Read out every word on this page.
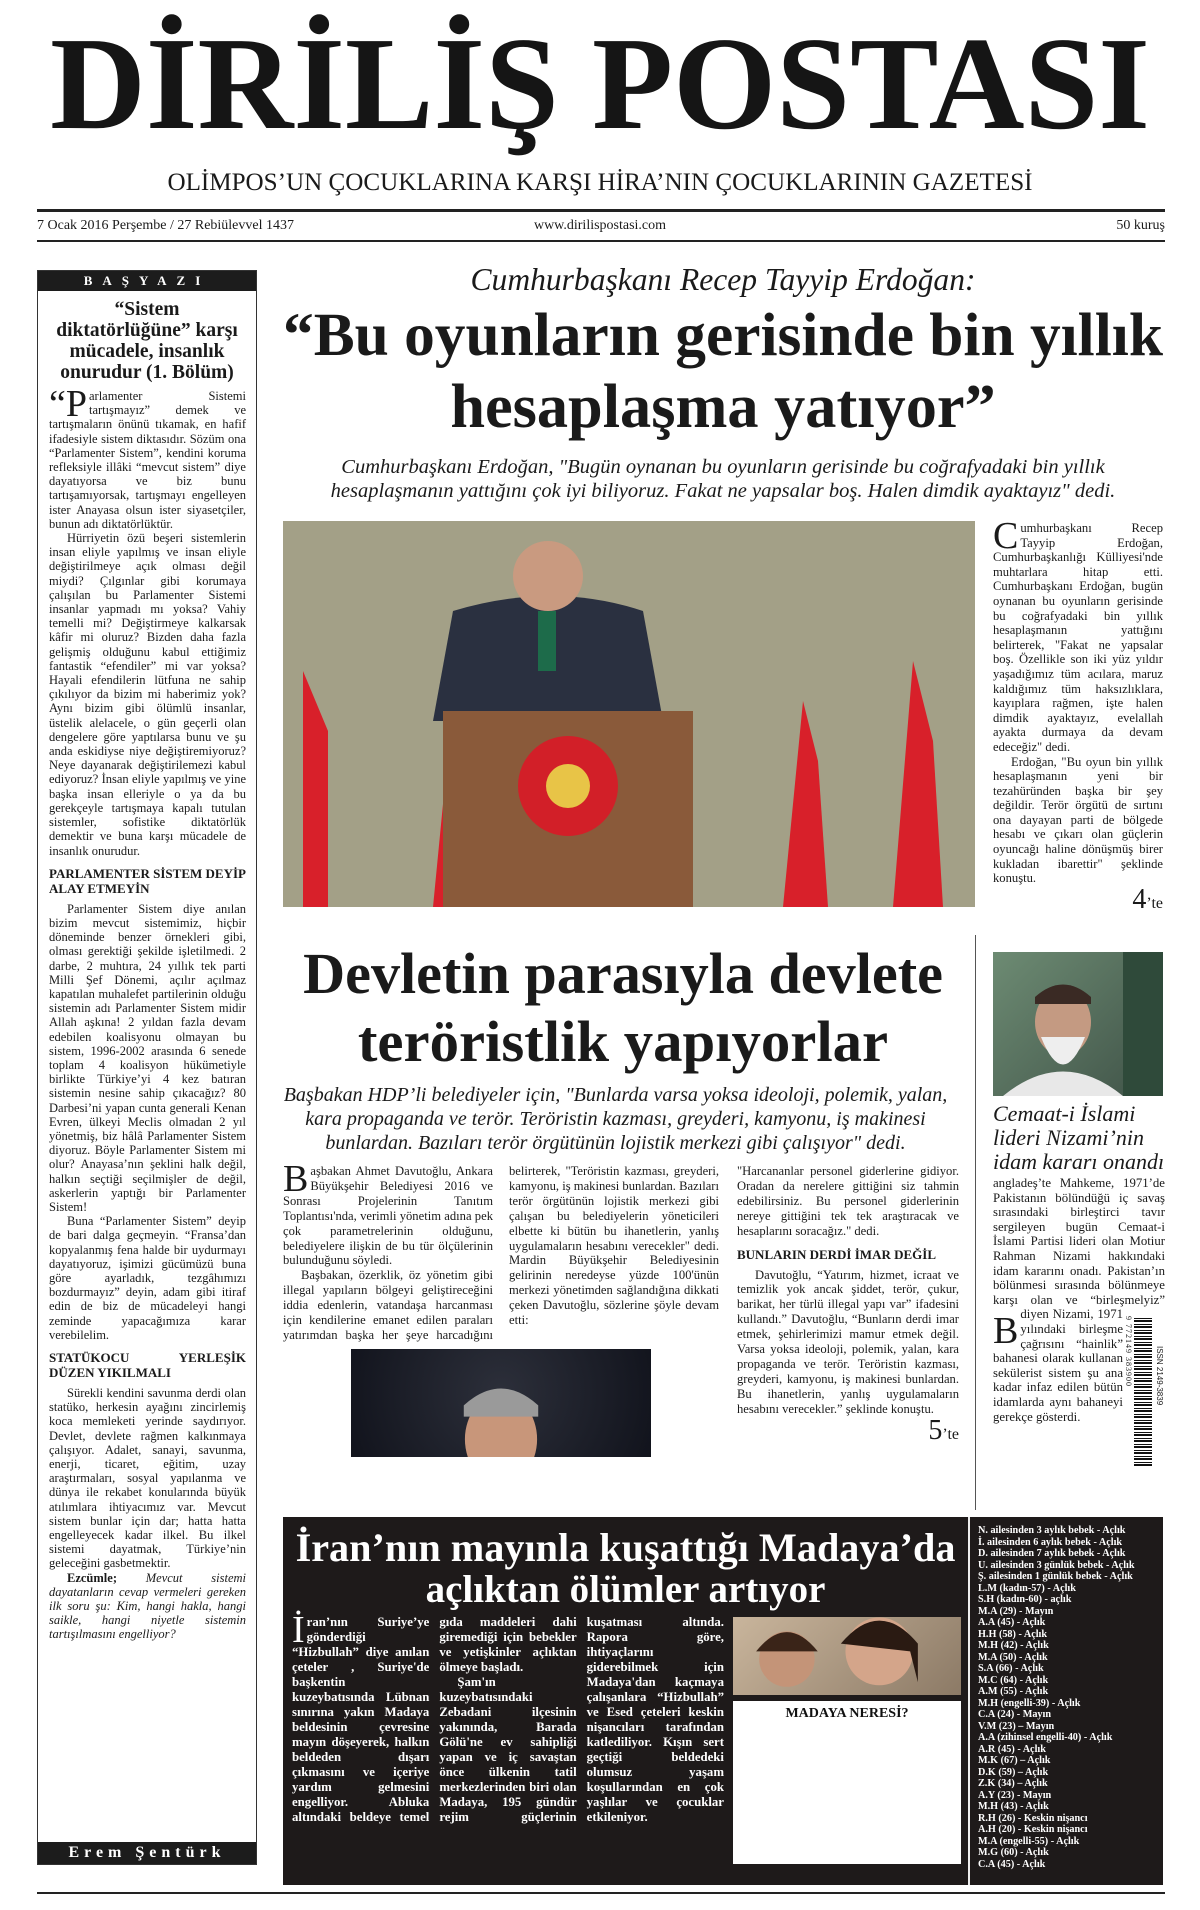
DİRİLİŞ POSTASI
OLİMPOS’UN ÇOCUKLARINA KARŞI HİRA’NIN ÇOCUKLARININ GAZETESİ
7 Ocak 2016 Perşembe / 27 Rebiülevvel 1437	www.dirilispostasi.com	50 kuruş
BAŞYAZI
“Sistem diktatörlüğüne” karşı mücadele, insanlık onurudur (1. Bölüm)

“Parlamenter Sistemi tartışmayız” demek ve tartışmaların önünü tıkamak, en hafif ifadesiyle sistem diktasıdır. Sözüm ona “Parlamenter Sistem”, kendini koruma refleksiyle illâki “mevcut sistem” diye dayatıyorsa ve biz bunu tartışamıyorsak, tartışmayı engelleyen ister Anayasa olsun ister siyasetçiler, bunun adı diktatörlüktür.

Hürriyetin özü beşeri sistemlerin insan eliyle yapılmış ve insan eliyle değiştirilmeye açık olması değil miydi? Çılgınlar gibi korumaya çalışılan bu Parlamenter Sistemi insanlar yapmadı mı yoksa? Vahiy temelli mi? Değiştirmeye kalkarsak kâfir mi oluruz? Bizden daha fazla gelişmiş olduğunu kabul ettiğimiz fantastik “efendiler” mi var yoksa? Hayali efendilerin lütfuna ne sahip çıkılıyor da bizim mi haberimiz yok? Aynı bizim gibi ölümlü insanlar, üstelik alelacele, o gün geçerli olan dengelere göre yaptılarsa bunu ve şu anda eskidiyse niye değiştiremiyoruz? Neye dayanarak değiştirilemezi kabul ediyoruz? İnsan eliyle yapılmış ve yine başka insan elleriyle o ya da bu gerekçeyle tartışmaya kapalı tutulan sistemler, sofistike diktatörlük demektir ve buna karşı mücadele de insanlık onurudur.

PARLAMENTER SİSTEM DEYİP ALAY ETMEYİN

Parlamenter Sistem diye anılan bizim mevcut sistemimiz, hiçbir döneminde benzer örnekleri gibi, olması gerektiği şekilde işletilmedi. 2 darbe, 2 muhtıra, 24 yıllık tek parti Milli Şef Dönemi, açılır açılmaz kapatılan muhalefet partilerinin olduğu sistemin adı Parlamenter Sistem midir Allah aşkına! 2 yıldan fazla devam edebilen koalisyonu olmayan bu sistem, 1996-2002 arasında 6 senede toplam 4 koalisyon hükümetiyle birlikte Türkiye’yi 4 kez batıran sistemin nesine sahip çıkacağız? 80 Darbesi’ni yapan cunta generali Kenan Evren, ülkeyi Meclis olmadan 2 yıl yönetmiş, biz hâlâ Parlamenter Sistem diyoruz. Böyle Parlamenter Sistem mi olur? Anayasa’nın şeklini halk değil, halkın seçtiği seçilmişler de değil, askerlerin yaptığı bir Parlamenter Sistem!

Buna “Parlamenter Sistem” deyip de bari dalga geçmeyin. “Fransa’dan kopyalanmış fena halde bir uydurmayı dayatıyoruz, işimizi gücümüzü buna göre ayarladık, tezgâhımızı bozdurmayız” deyin, adam gibi itiraf edin de biz de mücadeleyi hangi zeminde yapacağımıza karar verebilelim.

STATÜKOCU YERLEŞİK DÜZEN YIKILMALI

Sürekli kendini savunma derdi olan statüko, herkesin ayağını zincirlemiş koca memleketi yerinde saydırıyor. Devlet, devlete rağmen kalkınmaya çalışıyor. Adalet, sanayi, savunma, enerji, ticaret, eğitim, uzay araştırmaları, sosyal yapılanma ve dünya ile rekabet konularında büyük atılımlara ihtiyacımız var. Mevcut sistem bunlar için dar; hatta hatta engelleyecek kadar ilkel. Bu ilkel sistemi dayatmak, Türkiye’nin geleceğini gasbetmektir.

Ezcümle; Mevcut sistemi dayatanların cevap vermeleri gereken ilk soru şu: Kim, hangi hakla, hangi saikle, hangi niyetle sistemin tartışılmasını engelliyor?

Erem Şentürk
Cumhurbaşkanı Recep Tayyip Erdoğan:
“Bu oyunların gerisinde bin yıllık
hesaplaşma yatıyor”
Cumhurbaşkanı Erdoğan, "Bugün oynanan bu oyunların gerisinde bu coğrafyadaki bin yıllık hesaplaşmanın yattığını çok iyi biliyoruz. Fakat ne yapsalar boş. Halen dimdik ayaktayız" dedi.

Cumhurbaşkanı Recep Tayyip Erdoğan, Cumhurbaşkanlığı Külliyesi'nde muhtarlara hitap etti. Cumhurbaşkanı Erdoğan, bugün oynanan bu oyunların gerisinde bu coğrafyadaki bin yıllık hesaplaşmanın yattığını belirterek, "Fakat ne yapsalar boş. Özellikle son iki yüz yıldır yaşadığımız tüm acılara, maruz kaldığımız tüm haksızlıklara, kayıplara rağmen, işte halen dimdik ayaktayız, evelallah ayakta durmaya da devam edeceğiz" dedi.

Erdoğan, "Bu oyun bin yıllık hesaplaşmanın yeni bir tezahüründen başka bir şey değildir. Terör örgütü de sırtını ona dayayan parti de bölgede hesabı ve çıkarı olan güçlerin oyuncağı haline dönüşmüş birer kukladan ibarettir" şeklinde konuştu.

4’te
Devletin parasıyla devlete
teröristlik yapıyorlar
Başbakan HDP’li belediyeler için, "Bunlarda varsa yoksa ideoloji, polemik, yalan, kara propaganda ve terör. Teröristin kazması, greyderi, kamyonu, iş makinesi bunlardan. Bazıları terör örgütünün lojistik merkezi gibi çalışıyor" dedi.

Başbakan Ahmet Davutoğlu, Ankara Büyükşehir Belediyesi 2016 ve Sonrası Projelerinin Tanıtım Toplantısı'nda, verimli yönetim adına pek çok parametrelerinin olduğunu, belediyelere ilişkin de bu tür ölçülerinin bulunduğunu söyledi.

Başbakan, özerklik, öz yönetim gibi illegal yapıların bölgeyi geliştireceğini iddia edenlerin, vatandaşa harcanması için kendilerine emanet edilen paraları yatırımdan başka her şeye harcadığını belirterek, "Teröristin kazması, greyderi, kamyonu, iş makinesi bunlardan. Bazıları terör örgütünün lojistik merkezi gibi çalışan bu belediyelerin yöneticileri elbette ki bütün bu ihanetlerin, yanlış uygulamaların hesabını verecekler" dedi. Mardin Büyükşehir Belediyesinin gelirinin neredeyse yüzde 100'ünün merkezi yönetimden sağlandığına dikkati çeken Davutoğlu, sözlerine şöyle devam etti:

"Harcananlar personel giderlerine gidiyor. Oradan da nerelere gittiğini siz tahmin edebilirsiniz. Bu personel giderlerinin nereye gittiğini tek tek araştıracak ve hesaplarını soracağız." dedi.

BUNLARIN DERDİ İMAR DEĞİL

Davutoğlu, “Yatırım, hizmet, icraat ve temizlik yok ancak şiddet, terör, çukur, barikat, her türlü illegal yapı var” ifadesini kullandı.” Davutoğlu, “Bunların derdi imar etmek, şehirlerimizi mamur etmek değil. Varsa yoksa ideoloji, polemik, yalan, kara propaganda ve terör. Teröristin kazması, greyderi, kamyonu, iş makinesi bunlardan. Bu ihanetlerin, yanlış uygulamaların hesabını verecekler.” şeklinde konuştu.

5’te
Cemaat-i İslami lideri Nizami’nin idam kararı onandı
ISSN 2149-3839
9 772149 383900

B
angladeş’te Mahkeme, 1971’de Pakistanın bölündüğü iç savaş sırasındaki birleştirci tavır sergileyen bugün Cemaat-i İslami Partisi lideri olan Motiur Rahman Nizami hakkındaki idam kararını onadı. Pakistan’ın bölünmesi sırasında bölünmeye karşı olan ve “birleşmelyiz” diyen Nizami, 1971 yılındaki birleşme çağrısını “hainlik” bahanesi olarak kullanan sekülerist sistem şu ana kadar infaz edilen bütün idamlarda aynı bahaneyi gerekçe gösterdi.

İran’nın mayınla kuşattığı Madaya’da
açlıktan ölümler artıyor

İran’nın Suriye’ye gönderdiği “Hizbullah” diye anılan çeteler , Suriye'de başkentin kuzeybatısında Lübnan sınırına yakın Madaya beldesinin çevresine mayın döşeyerek, halkın beldeden dışarı çıkmasını ve içeriye yardım gelmesini engelliyor. Abluka altındaki beldeye temel gıda maddeleri dahi giremediği için bebekler ve yetişkinler açlıktan ölmeye başladı.

Şam'ın kuzeybatısındaki Zebadani ilçesinin yakınında, Barada Gölü'ne ev sahipliği yapan ve iç savaştan önce ülkenin tatil merkezlerinden biri olan Madaya, 195 gündür rejim güçlerinin kuşatması altında. Rapora göre, ihtiyaçlarını giderebilmek için Madaya'dan kaçmaya çalışanlara “Hizbullah” ve Esed çeteleri keskin nişancıları tarafından katlediliyor. Kışın sert geçtiği beldedeki olumsuz yaşam koşullarından en çok yaşlılar ve çocuklar etkileniyor.

MADAYA NERESİ?

Madaya ve Zebadani, Lübnan'da muhaliflere destek veren Sünnilerin yaşadığı dağlık bölgede bulunuyor. İki bölgenin de rejimin elinde olması, muhaliflerin ağır zayiat verdirdiği, Lübnan içlerine girerek zaman zaman taciz ettiği Hizbullah için de hayati önem taşıyor.

N. ailesinden 3 aylık bebek - Açlık
İ. ailesinden 6 aylık bebek - Açlık
D. ailesinden 7 aylık bebek - Açlık
U. ailesinden 3 günlük bebek - Açlık
Ş. ailesinden 1 günlük bebek - Açlık
L.M (kadın-57) - Açlık
S.H (kadın-60) - açlık
M.A (29) - Mayın
A.A (45) - Açlık
H.H (58) - Açlık
M.H (42) - Açlık
M.A (50) - Açlık
S.A (66) - Açlık
M.C (64) - Açlık
A.M (55) - Açlık
M.H (engelli-39) - Açlık
C.A (24) - Mayın
V.M (23) – Mayın
A.A (zihinsel engelli-40) - Açlık
A.R (45) - Açlık
M.K (67) – Açlık
D.K (59) – Açlık
Z.K (34) – Açlık
A.Y (23) - Mayın
M.H (43) - Açlık
R.H (26) - Keskin nişancı
A.H (20) - Keskin nişancı
M.A (engelli-55) - Açlık
M.G (60) - Açlık
C.A (45) - Açlık
